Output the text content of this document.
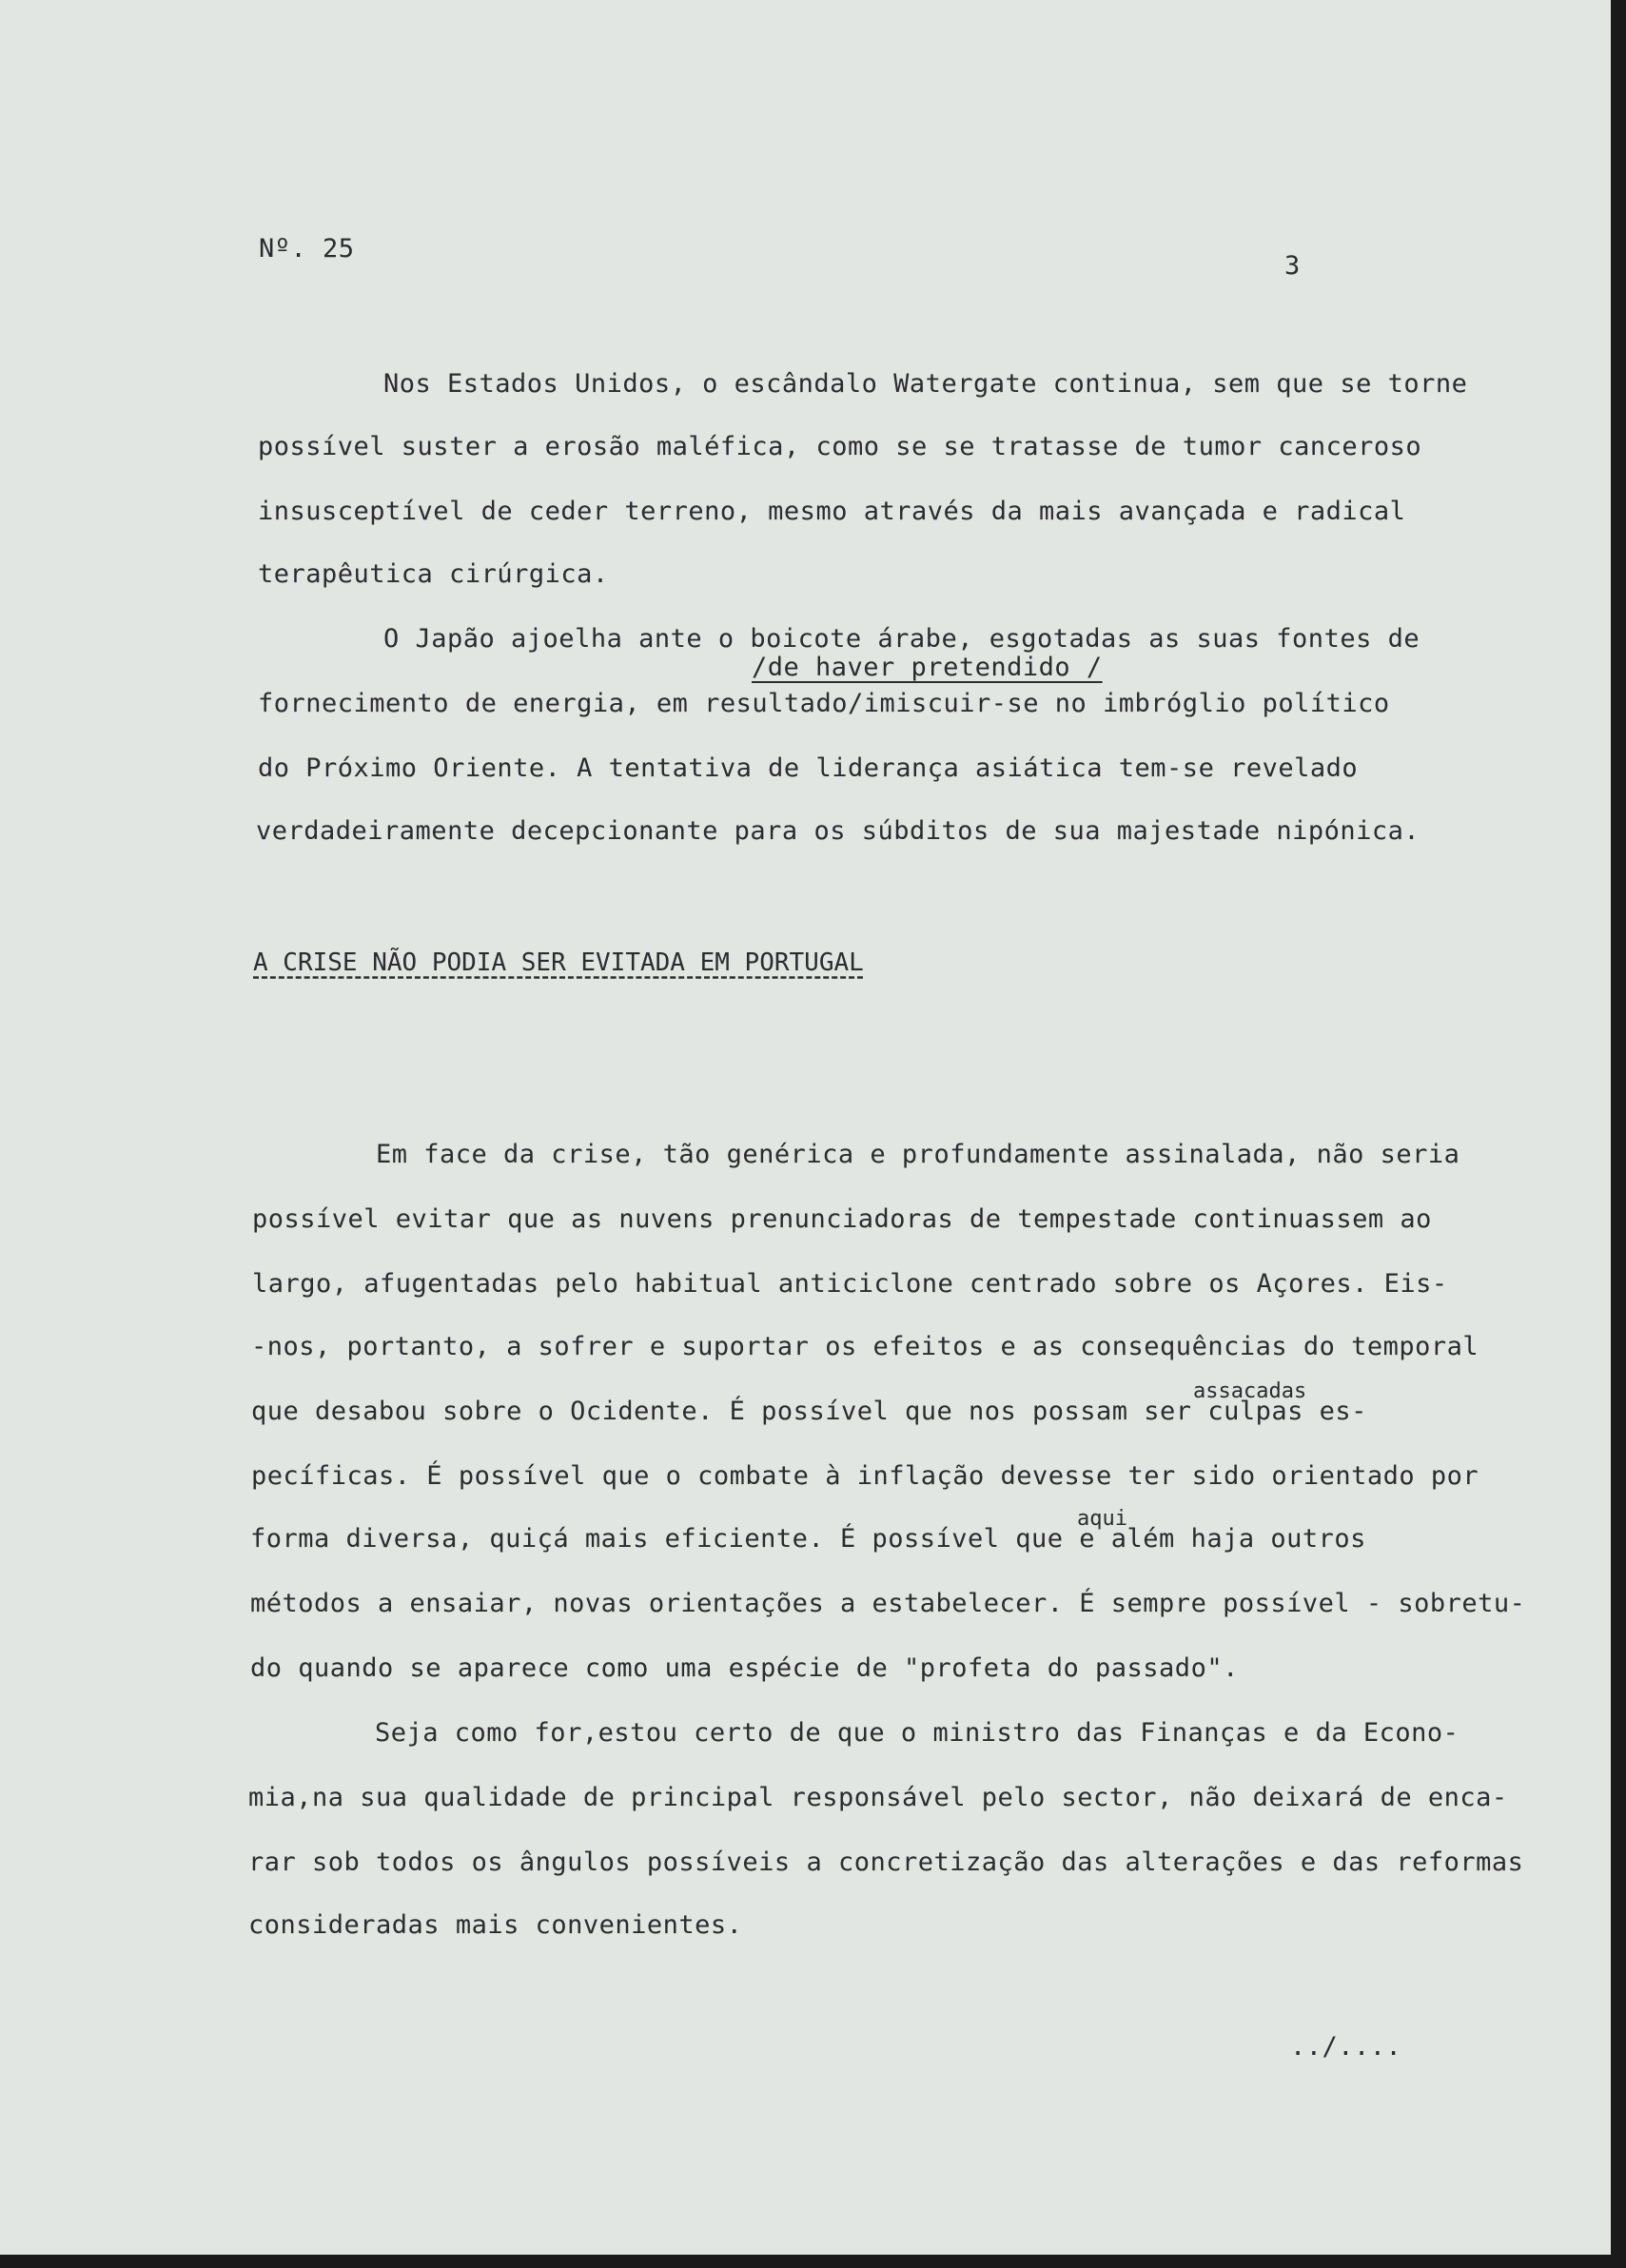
Nº. 25
3
Nos Estados Unidos, o escândalo Watergate continua, sem que se torne
possível suster a erosão maléfica, como se se tratasse de tumor canceroso
insusceptível de ceder terreno, mesmo através da mais avançada e radical
terapêutica cirúrgica.
O Japão ajoelha ante o boicote árabe, esgotadas as suas fontes de
/de haver pretendido /
fornecimento de energia, em resultado/imiscuir-se no imbróglio político
do Próximo Oriente. A tentativa de liderança asiática tem-se revelado
verdadeiramente decepcionante para os súbditos de sua majestade nipónica.
A CRISE NÃO PODIA SER EVITADA EM PORTUGAL
Em face da crise, tão genérica e profundamente assinalada, não seria
possível evitar que as nuvens prenunciadoras de tempestade continuassem ao
largo, afugentadas pelo habitual anticiclone centrado sobre os Açores. Eis-
-nos, portanto, a sofrer e suportar os efeitos e as consequências do temporal
assacadas
que desabou sobre o Ocidente. É possível que nos possam ser culpas es-
pecíficas. É possível que o combate à inflação devesse ter sido orientado por
aqui
forma diversa, quiçá mais eficiente. É possível que e além haja outros
métodos a ensaiar, novas orientações a estabelecer. É sempre possível - sobretu-
do quando se aparece como uma espécie de "profeta do passado".
Seja como for,estou certo de que o ministro das Finanças e da Econo-
mia,na sua qualidade de principal responsável pelo sector, não deixará de enca-
rar sob todos os ângulos possíveis a concretização das alterações e das reformas
consideradas mais convenientes.
../....
